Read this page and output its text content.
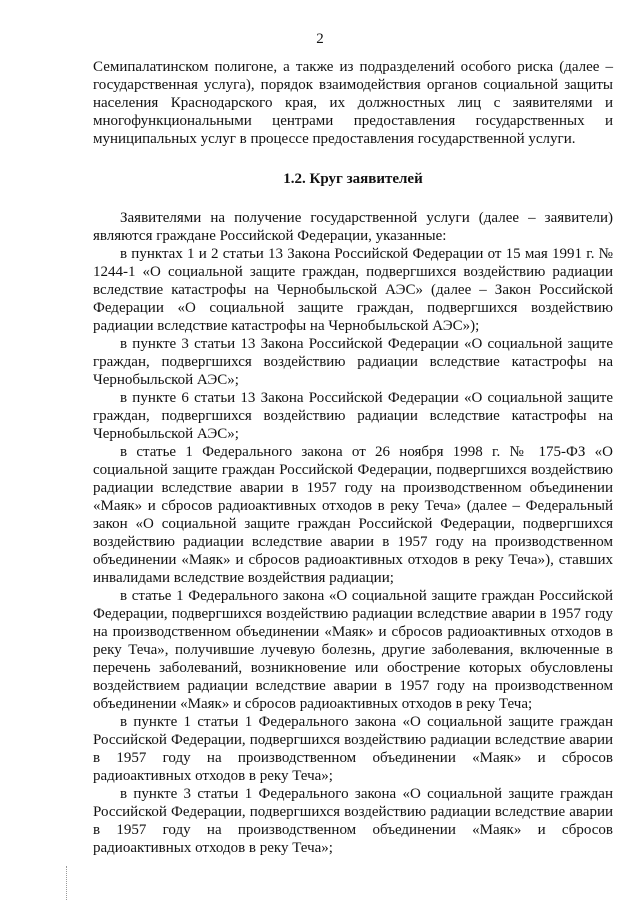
2

Семипалатинском полигоне, а также из подразделений особого риска (далее – государственная услуга), порядок взаимодействия органов социальной защиты населения Краснодарского края, их должностных лиц с заявителями и многофункциональными центрами предоставления государственных и муниципальных услуг в процессе предоставления государственной услуги.

1.2. Круг заявителей

Заявителями на получение государственной услуги (далее – заявители) являются граждане Российской Федерации, указанные:

в пунктах 1 и 2 статьи 13 Закона Российской Федерации от 15 мая 1991 г. № 1244-1 «О социальной защите граждан, подвергшихся воздействию радиации вследствие катастрофы на Чернобыльской АЭС» (далее – Закон Российской Федерации «О социальной защите граждан, подвергшихся воздействию радиации вследствие катастрофы на Чернобыльской АЭС»);

в пункте 3 статьи 13 Закона Российской Федерации «О социальной защите граждан, подвергшихся воздействию радиации вследствие катастрофы на Чернобыльской АЭС»;

в пункте 6 статьи 13 Закона Российской Федерации «О социальной защите граждан, подвергшихся воздействию радиации вследствие катастрофы на Чернобыльской АЭС»;

в статье 1 Федерального закона от 26 ноября 1998 г. № 175-ФЗ «О социальной защите граждан Российской Федерации, подвергшихся воздействию радиации вследствие аварии в 1957 году на производственном объединении «Маяк» и сбросов радиоактивных отходов в реку Теча» (далее – Федеральный закон «О социальной защите граждан Российской Федерации, подвергшихся воздействию радиации вследствие аварии в 1957 году на производственном объединении «Маяк» и сбросов радиоактивных отходов в реку Теча»), ставших инвалидами вследствие воздействия радиации;

в статье 1 Федерального закона «О социальной защите граждан Российской Федерации, подвергшихся воздействию радиации вследствие аварии в 1957 году на производственном объединении «Маяк» и сбросов радиоактивных отходов в реку Теча», получившие лучевую болезнь, другие заболевания, включенные в перечень заболеваний, возникновение или обострение которых обусловлены воздействием радиации вследствие аварии в 1957 году на производственном объединении «Маяк» и сбросов радиоактивных отходов в реку Теча;

в пункте 1 статьи 1 Федерального закона «О социальной защите граждан Российской Федерации, подвергшихся воздействию радиации вследствие аварии в 1957 году на производственном объединении «Маяк» и сбросов радиоактивных отходов в реку Теча»;

в пункте 3 статьи 1 Федерального закона «О социальной защите граждан Российской Федерации, подвергшихся воздействию радиации вследствие аварии в 1957 году на производственном объединении «Маяк» и сбросов радиоактивных отходов в реку Теча»;
